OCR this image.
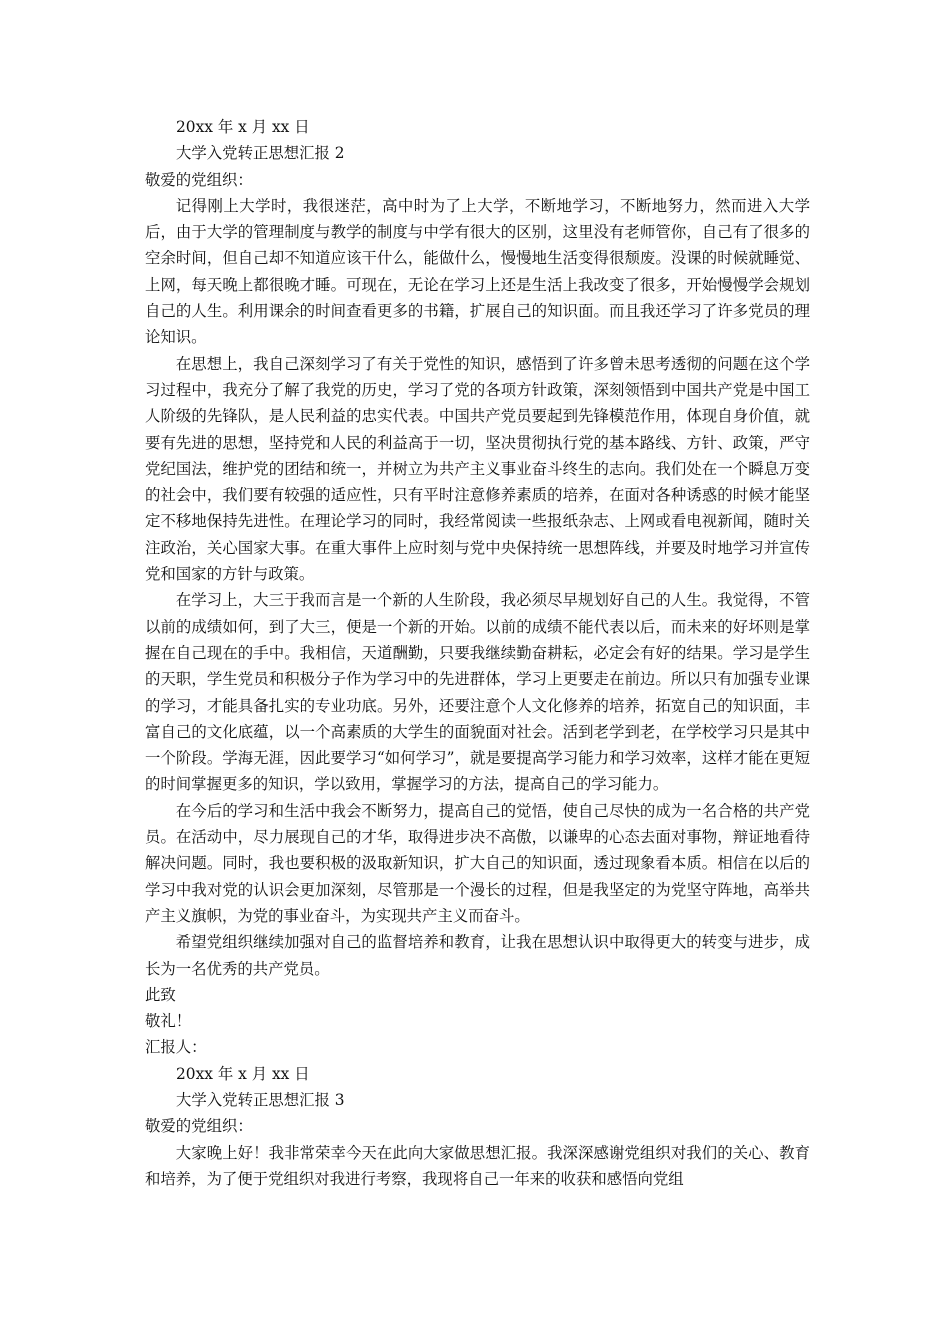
20xx 年 x 月 xx 日

大学入党转正思想汇报 2

敬爱的党组织：

记得刚上大学时，我很迷茫，高中时为了上大学，不断地学习，不断地努力，然而进入大学后，由于大学的管理制度与教学的制度与中学有很大的区别，这里没有老师管你，自己有了很多的空余时间，但自己却不知道应该干什么，能做什么，慢慢地生活变得很颓废。没课的时候就睡觉、上网，每天晚上都很晚才睡。可现在，无论在学习上还是生活上我改变了很多，开始慢慢学会规划自己的人生。利用课余的时间查看更多的书籍，扩展自己的知识面。而且我还学习了许多党员的理论知识。

在思想上，我自己深刻学习了有关于党性的知识，感悟到了许多曾未思考透彻的问题在这个学习过程中，我充分了解了我党的历史，学习了党的各项方针政策，深刻领悟到中国共产党是中国工人阶级的先锋队，是人民利益的忠实代表。中国共产党员要起到先锋模范作用，体现自身价值，就要有先进的思想，坚持党和人民的利益高于一切，坚决贯彻执行党的基本路线、方针、政策，严守党纪国法，维护党的团结和统一，并树立为共产主义事业奋斗终生的志向。我们处在一个瞬息万变的社会中，我们要有较强的适应性，只有平时注意修养素质的培养，在面对各种诱惑的时候才能坚定不移地保持先进性。在理论学习的同时，我经常阅读一些报纸杂志、上网或看电视新闻，随时关注政治，关心国家大事。在重大事件上应时刻与党中央保持统一思想阵线，并要及时地学习并宣传党和国家的方针与政策。

在学习上，大三于我而言是一个新的人生阶段，我必须尽早规划好自己的人生。我觉得，不管以前的成绩如何，到了大三，便是一个新的开始。以前的成绩不能代表以后，而未来的好坏则是掌握在自己现在的手中。我相信，天道酬勤，只要我继续勤奋耕耘，必定会有好的结果。学习是学生的天职，学生党员和积极分子作为学习中的先进群体，学习上更要走在前边。所以只有加强专业课的学习，才能具备扎实的专业功底。另外，还要注意个人文化修养的培养，拓宽自己的知识面，丰富自己的文化底蕴，以一个高素质的大学生的面貌面对社会。活到老学到老，在学校学习只是其中一个阶段。学海无涯，因此要学习“如何学习”，就是要提高学习能力和学习效率，这样才能在更短的时间掌握更多的知识，学以致用，掌握学习的方法，提高自己的学习能力。

在今后的学习和生活中我会不断努力，提高自己的觉悟，使自己尽快的成为一名合格的共产党员。在活动中，尽力展现自己的才华，取得进步决不高傲，以谦卑的心态去面对事物，辩证地看待解决问题。同时，我也要积极的汲取新知识，扩大自己的知识面，透过现象看本质。相信在以后的学习中我对党的认识会更加深刻，尽管那是一个漫长的过程，但是我坚定的为党坚守阵地，高举共产主义旗帜，为党的事业奋斗，为实现共产主义而奋斗。

希望党组织继续加强对自己的监督培养和教育，让我在思想认识中取得更大的转变与进步，成长为一名优秀的共产党员。

此致

敬礼！

汇报人：

20xx 年 x 月 xx 日

大学入党转正思想汇报 3

敬爱的党组织：

大家晚上好！我非常荣幸今天在此向大家做思想汇报。我深深感谢党组织对我们的关心、教育和培养，为了便于党组织对我进行考察，我现将自己一年来的收获和感悟向党组
